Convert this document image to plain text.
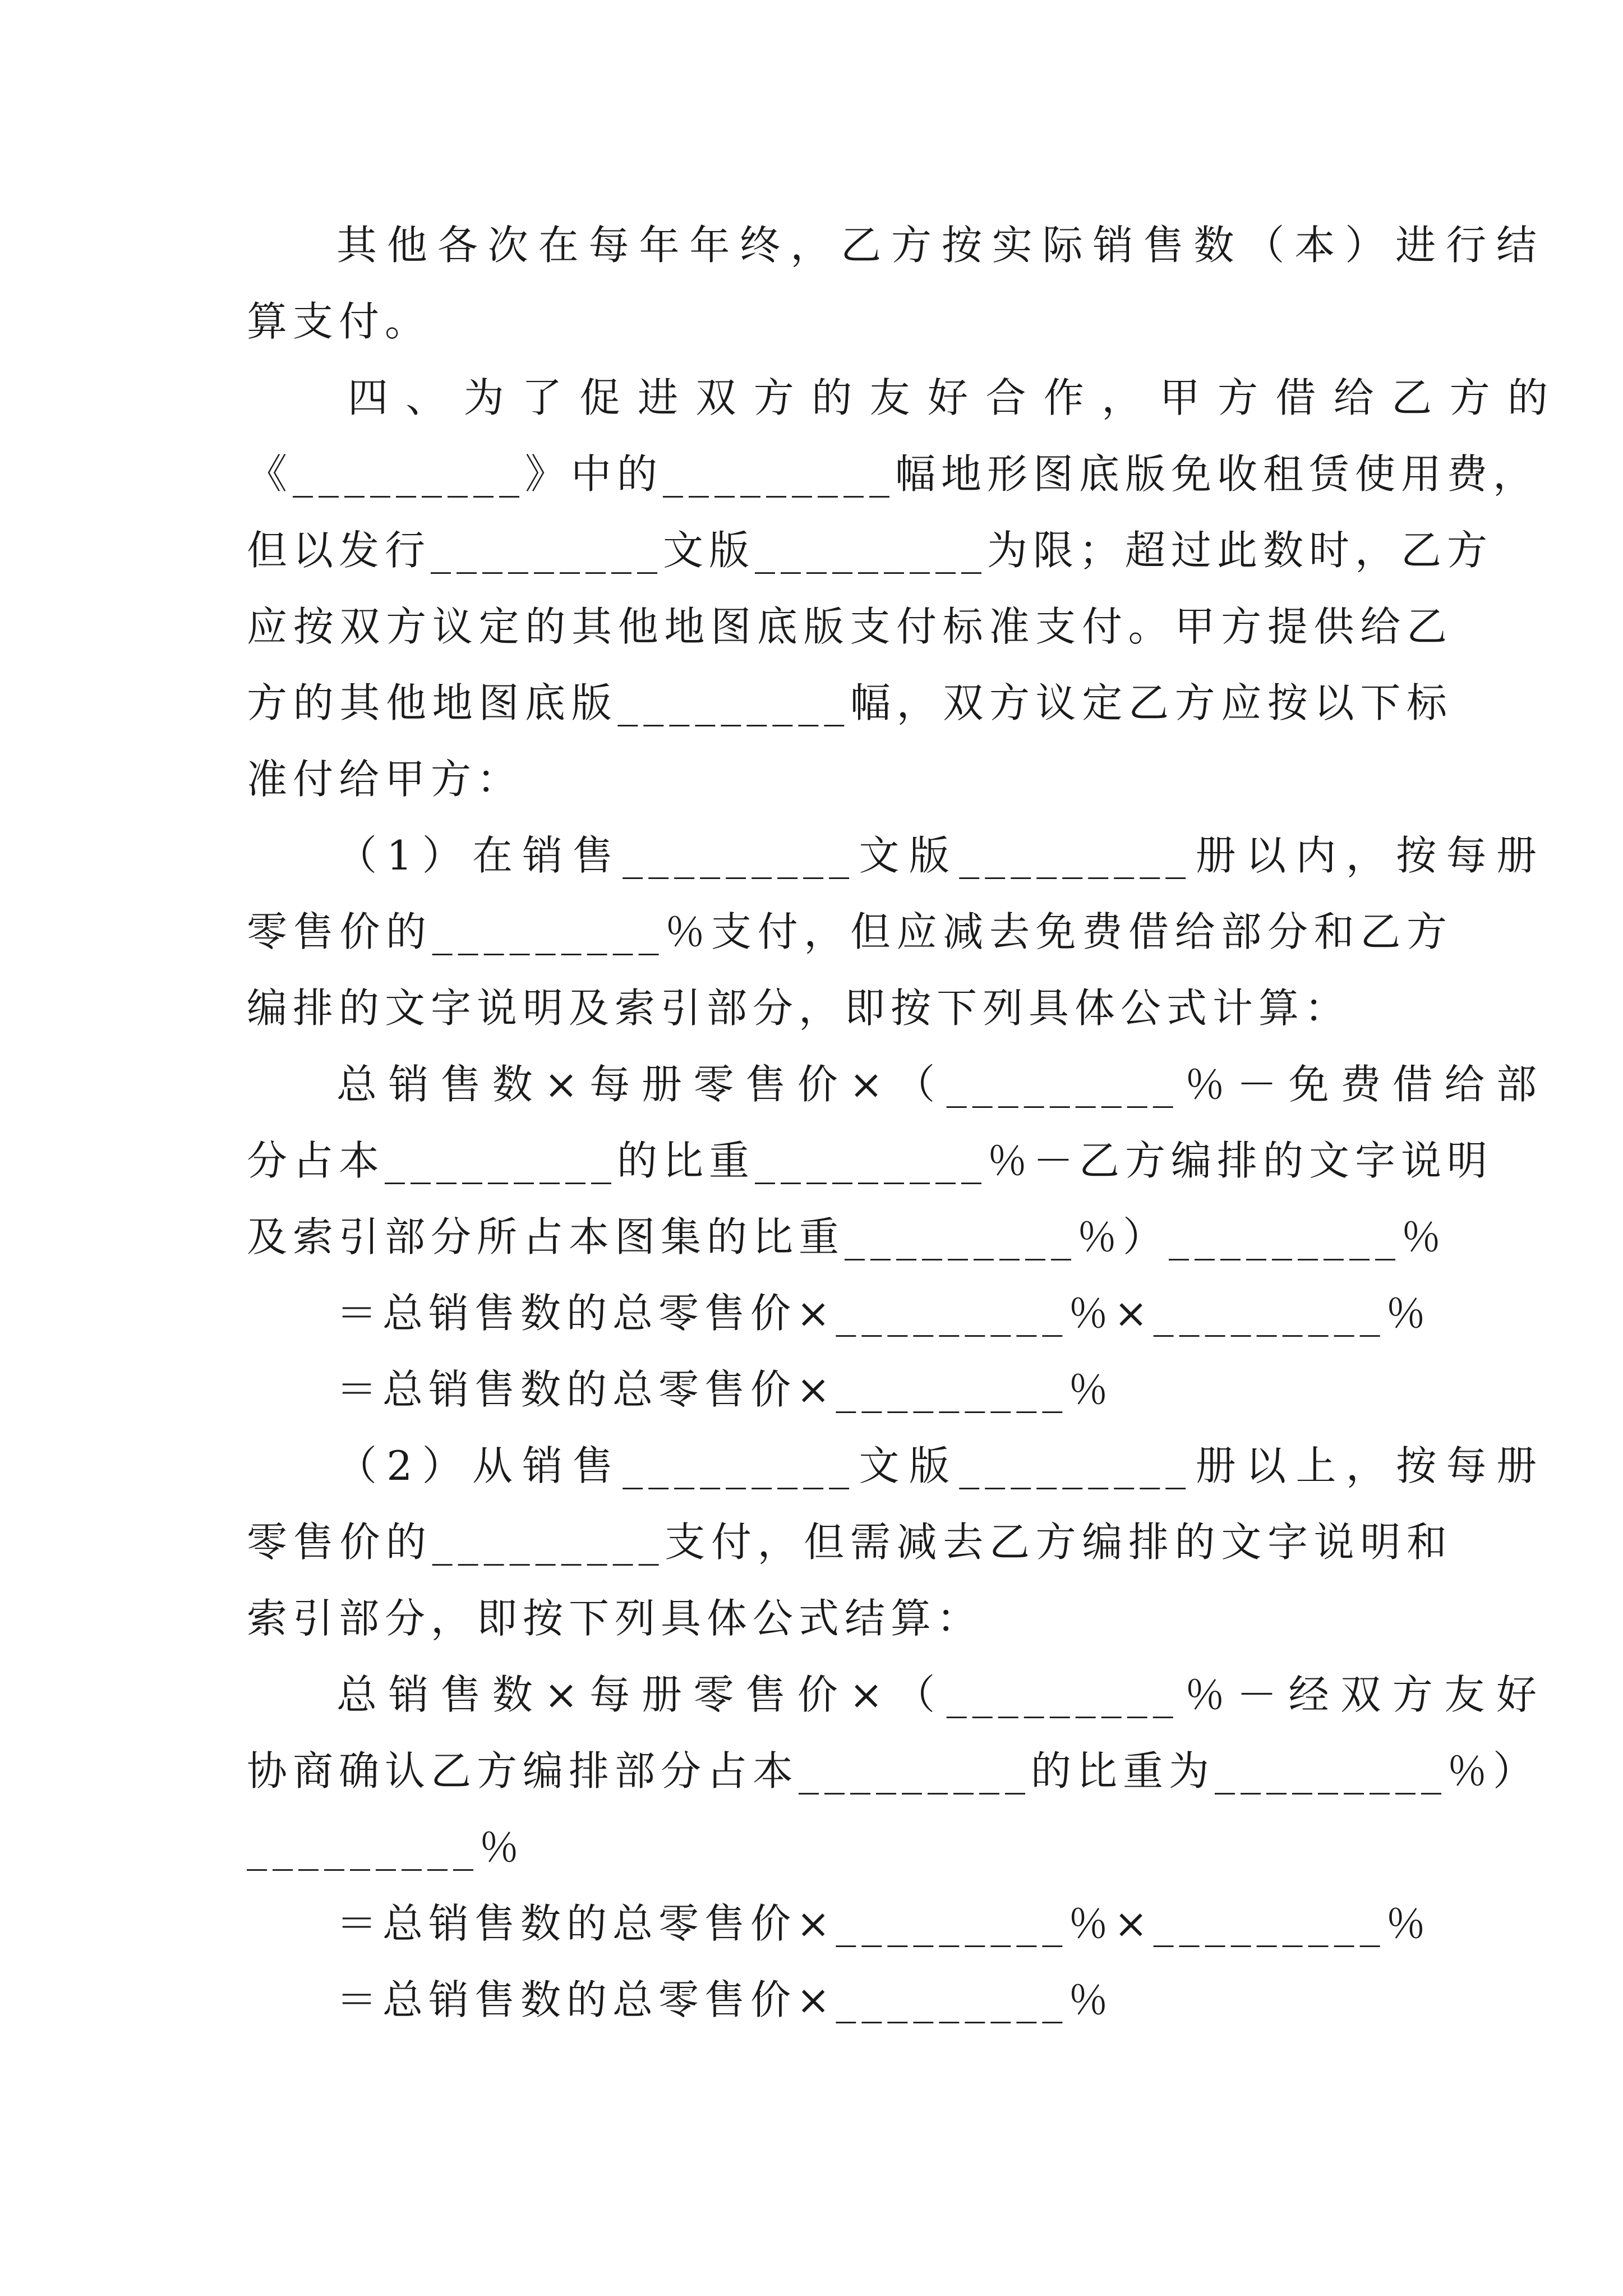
其他各次在每年年终，乙方按实际销售数（本）进行结
算支付。
四、为了促进双方的友好合作，甲方借给乙方的
《_________》中的_________幅地形图底版免收租赁使用费，
但以发行_________文版_________为限；超过此数时，乙方
应按双方议定的其他地图底版支付标准支付。甲方提供给乙
方的其他地图底版_________幅，双方议定乙方应按以下标
准付给甲方：
（1）在销售_________文版_________册以内，按每册
零售价的_________％支付，但应减去免费借给部分和乙方
编排的文字说明及索引部分，即按下列具体公式计算：
总销售数×每册零售价×（_________％－免费借给部
分占本_________的比重_________％－乙方编排的文字说明
及索引部分所占本图集的比重_________％）_________％
＝总销售数的总零售价×_________％×_________％
＝总销售数的总零售价×_________％
（2）从销售_________文版_________册以上，按每册
零售价的_________支付，但需减去乙方编排的文字说明和
索引部分，即按下列具体公式结算：
总销售数×每册零售价×（_________％－经双方友好
协商确认乙方编排部分占本_________的比重为_________％）
_________％
＝总销售数的总零售价×_________％×_________％
＝总销售数的总零售价×_________％
